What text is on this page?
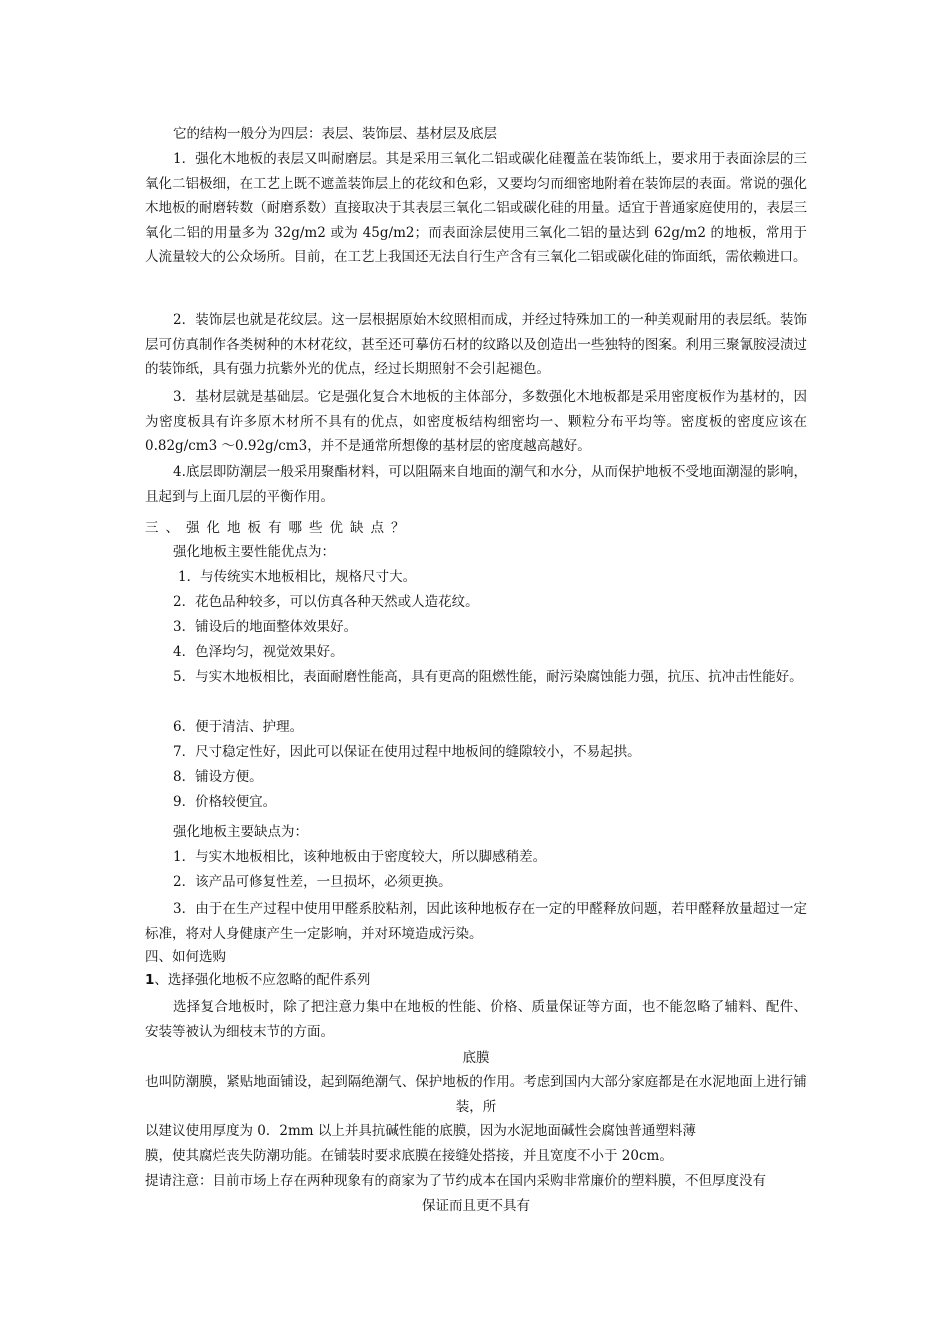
它的结构一般分为四层：表层、装饰层、基材层及底层

1．强化木地板的表层又叫耐磨层。其是采用三氧化二铝或碳化硅覆盖在装饰纸上，要求用于表面涂层的三氧化二铝极细，在工艺上既不遮盖装饰层上的花纹和色彩，又要均匀而细密地附着在装饰层的表面。常说的强化木地板的耐磨转数（耐磨系数）直接取决于其表层三氧化二铝或碳化硅的用量。适宜于普通家庭使用的，表层三氧化二铝的用量多为 32g/m2 或为 45g/m2；而表面涂层使用三氧化二铝的量达到 62g/m2 的地板，常用于人流量较大的公众场所。目前，在工艺上我国还无法自行生产含有三氧化二铝或碳化硅的饰面纸，需依赖进口。

2．装饰层也就是花纹层。这一层根据原始木纹照相而成，并经过特殊加工的一种美观耐用的表层纸。装饰层可仿真制作各类树种的木材花纹，甚至还可摹仿石材的纹路以及创造出一些独特的图案。利用三聚氰胺浸渍过的装饰纸，具有强力抗紫外光的优点，经过长期照射不会引起褪色。

3．基材层就是基础层。它是强化复合木地板的主体部分，多数强化木地板都是采用密度板作为基材的，因为密度板具有许多原木材所不具有的优点，如密度板结构细密均一、颗粒分布平均等。密度板的密度应该在 0.82g/cm3 ～0.92g/cm3，并不是通常所想像的基材层的密度越高越好。

4.底层即防潮层一般采用聚酯材料，可以阻隔来自地面的潮气和水分，从而保护地板不受地面潮湿的影响，且起到与上面几层的平衡作用。

三、强化地板有哪些优缺点？

强化地板主要性能优点为：

1．与传统实木地板相比，规格尺寸大。

2．花色品种较多，可以仿真各种天然或人造花纹。

3．铺设后的地面整体效果好。

4．色泽均匀，视觉效果好。

5．与实木地板相比，表面耐磨性能高，具有更高的阻燃性能，耐污染腐蚀能力强，抗压、抗冲击性能好。

6．便于清洁、护理。

7．尺寸稳定性好，因此可以保证在使用过程中地板间的缝隙较小，不易起拱。

8．铺设方便。

9．价格较便宜。

强化地板主要缺点为：

1．与实木地板相比，该种地板由于密度较大，所以脚感稍差。

2．该产品可修复性差，一旦损坏，必须更换。

3．由于在生产过程中使用甲醛系胶粘剂，因此该种地板存在一定的甲醛释放问题，若甲醛释放量超过一定标准，将对人身健康产生一定影响，并对环境造成污染。

四、如何选购

1、选择强化地板不应忽略的配件系列

选择复合地板时，除了把注意力集中在地板的性能、价格、质量保证等方面，也不能忽略了辅料、配件、安装等被认为细枝末节的方面。

底膜

也叫防潮膜，紧贴地面铺设，起到隔绝潮气、保护地板的作用。考虑到国内大部分家庭都是在水泥地面上进行铺装，所

以建议使用厚度为 0．2mm 以上并具抗碱性能的底膜，因为水泥地面碱性会腐蚀普通塑料薄

膜，使其腐烂丧失防潮功能。在铺装时要求底膜在接缝处搭接，并且宽度不小于 20cm。

提请注意：目前市场上存在两种现象有的商家为了节约成本在国内采购非常廉价的塑料膜，不但厚度没有

保证而且更不具有
